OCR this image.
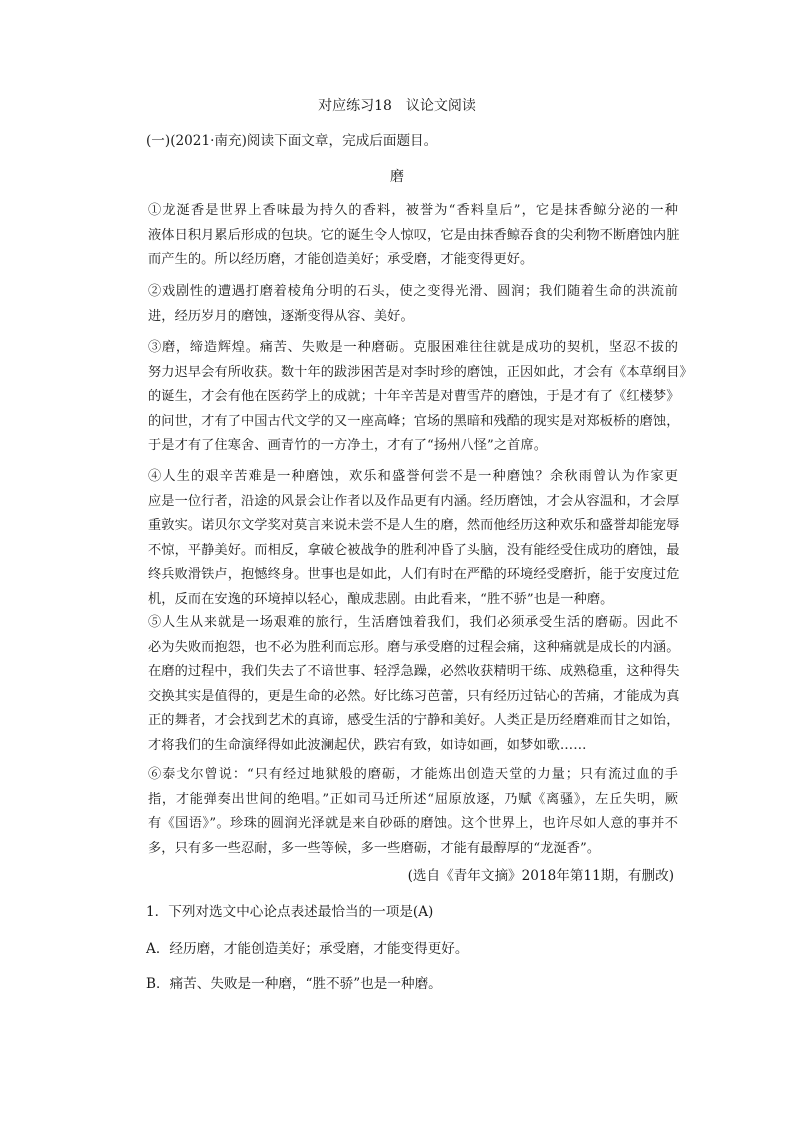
对应练习18　议论文阅读
(一)(2021·南充)阅读下面文章，完成后面题目。
磨
①龙涎香是世界上香味最为持久的香料，被誉为“香料皇后”，它是抹香鲸分泌的一种
液体日积月累后形成的包块。它的诞生令人惊叹，它是由抹香鲸吞食的尖利物不断磨蚀内脏
而产生的。所以经历磨，才能创造美好；承受磨，才能变得更好。
②戏剧性的遭遇打磨着棱角分明的石头，使之变得光滑、圆润；我们随着生命的洪流前
进，经历岁月的磨蚀，逐渐变得从容、美好。
③磨，缔造辉煌。痛苦、失败是一种磨砺。克服困难往往就是成功的契机，坚忍不拔的
努力迟早会有所收获。数十年的跋涉困苦是对李时珍的磨蚀，正因如此，才会有《本草纲目》
的诞生，才会有他在医药学上的成就；十年辛苦是对曹雪芹的磨蚀，于是才有了《红楼梦》
的问世，才有了中国古代文学的又一座高峰；官场的黑暗和残酷的现实是对郑板桥的磨蚀，
于是才有了住寒舍、画青竹的一方净土，才有了“扬州八怪”之首席。
④人生的艰辛苦难是一种磨蚀，欢乐和盛誉何尝不是一种磨蚀？余秋雨曾认为作家更
应是一位行者，沿途的风景会让作者以及作品更有内涵。经历磨蚀，才会从容温和，才会厚
重敦实。诺贝尔文学奖对莫言来说未尝不是人生的磨，然而他经历这种欢乐和盛誉却能宠辱
不惊，平静美好。而相反，拿破仑被战争的胜利冲昏了头脑，没有能经受住成功的磨蚀，最
终兵败滑铁卢，抱憾终身。世事也是如此，人们有时在严酷的环境经受磨折，能于安度过危
机，反而在安逸的环境掉以轻心，酿成悲剧。由此看来，“胜不骄”也是一种磨。
⑤人生从来就是一场艰难的旅行，生活磨蚀着我们，我们必须承受生活的磨砺。因此不
必为失败而抱怨，也不必为胜利而忘形。磨与承受磨的过程会痛，这种痛就是成长的内涵。
在磨的过程中，我们失去了不谙世事、轻浮急躁，必然收获精明干练、成熟稳重，这种得失
交换其实是值得的，更是生命的必然。好比练习芭蕾，只有经历过钻心的苦痛，才能成为真
正的舞者，才会找到艺术的真谛，感受生活的宁静和美好。人类正是历经磨难而甘之如饴，
才将我们的生命演绎得如此波澜起伏，跌宕有致，如诗如画，如梦如歌……
⑥泰戈尔曾说：“只有经过地狱般的磨砺，才能炼出创造天堂的力量；只有流过血的手
指，才能弹奏出世间的绝唱。”正如司马迁所述“屈原放逐，乃赋《离骚》，左丘失明，厥
有《国语》”。珍珠的圆润光泽就是来自砂砾的磨蚀。这个世界上，也许尽如人意的事并不
多，只有多一些忍耐，多一些等候，多一些磨砺，才能有最醇厚的“龙涎香”。
(选自《青年文摘》2018年第11期，有删改)
1．下列对选文中心论点表述最恰当的一项是(A)
A．经历磨，才能创造美好；承受磨，才能变得更好。
B．痛苦、失败是一种磨，“胜不骄”也是一种磨。
